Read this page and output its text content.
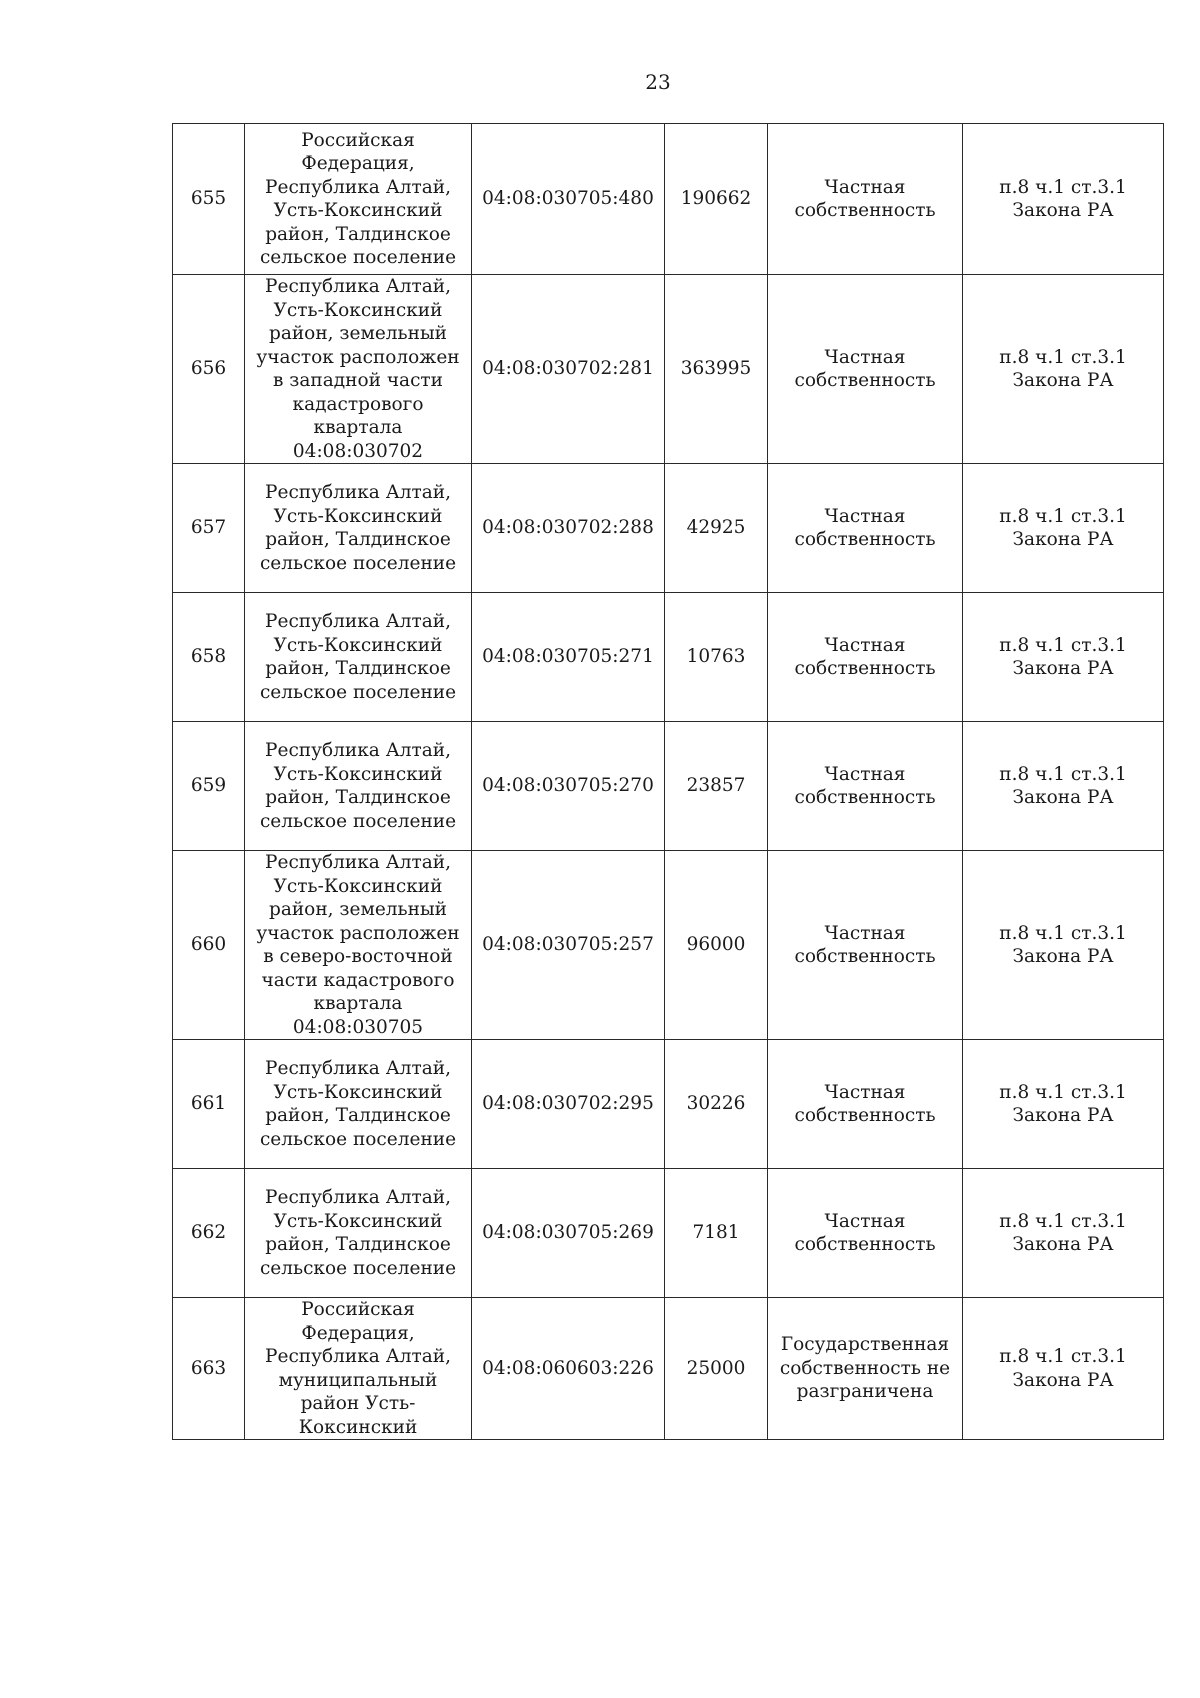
23
655	Российская Федерация, Республика Алтай, Усть-Коксинский район, Талдинское сельское поселение	04:08:030705:480	190662	Частная собственность	п.8 ч.1 ст.3.1 Закона РА
656	Республика Алтай, Усть-Коксинский район, земельный участок расположен в западной части кадастрового квартала 04:08:030702	04:08:030702:281	363995	Частная собственность	п.8 ч.1 ст.3.1 Закона РА
657	Республика Алтай, Усть-Коксинский район, Талдинское сельское поселение	04:08:030702:288	42925	Частная собственность	п.8 ч.1 ст.3.1 Закона РА
658	Республика Алтай, Усть-Коксинский район, Талдинское сельское поселение	04:08:030705:271	10763	Частная собственность	п.8 ч.1 ст.3.1 Закона РА
659	Республика Алтай, Усть-Коксинский район, Талдинское сельское поселение	04:08:030705:270	23857	Частная собственность	п.8 ч.1 ст.3.1 Закона РА
660	Республика Алтай, Усть-Коксинский район, земельный участок расположен в северо-восточной части кадастрового квартала 04:08:030705	04:08:030705:257	96000	Частная собственность	п.8 ч.1 ст.3.1 Закона РА
661	Республика Алтай, Усть-Коксинский район, Талдинское сельское поселение	04:08:030702:295	30226	Частная собственность	п.8 ч.1 ст.3.1 Закона РА
662	Республика Алтай, Усть-Коксинский район, Талдинское сельское поселение	04:08:030705:269	7181	Частная собственность	п.8 ч.1 ст.3.1 Закона РА
663	Российская Федерация, Республика Алтай, муниципальный район Усть-Коксинский	04:08:060603:226	25000	Государственная собственность не разграничена	п.8 ч.1 ст.3.1 Закона РА
